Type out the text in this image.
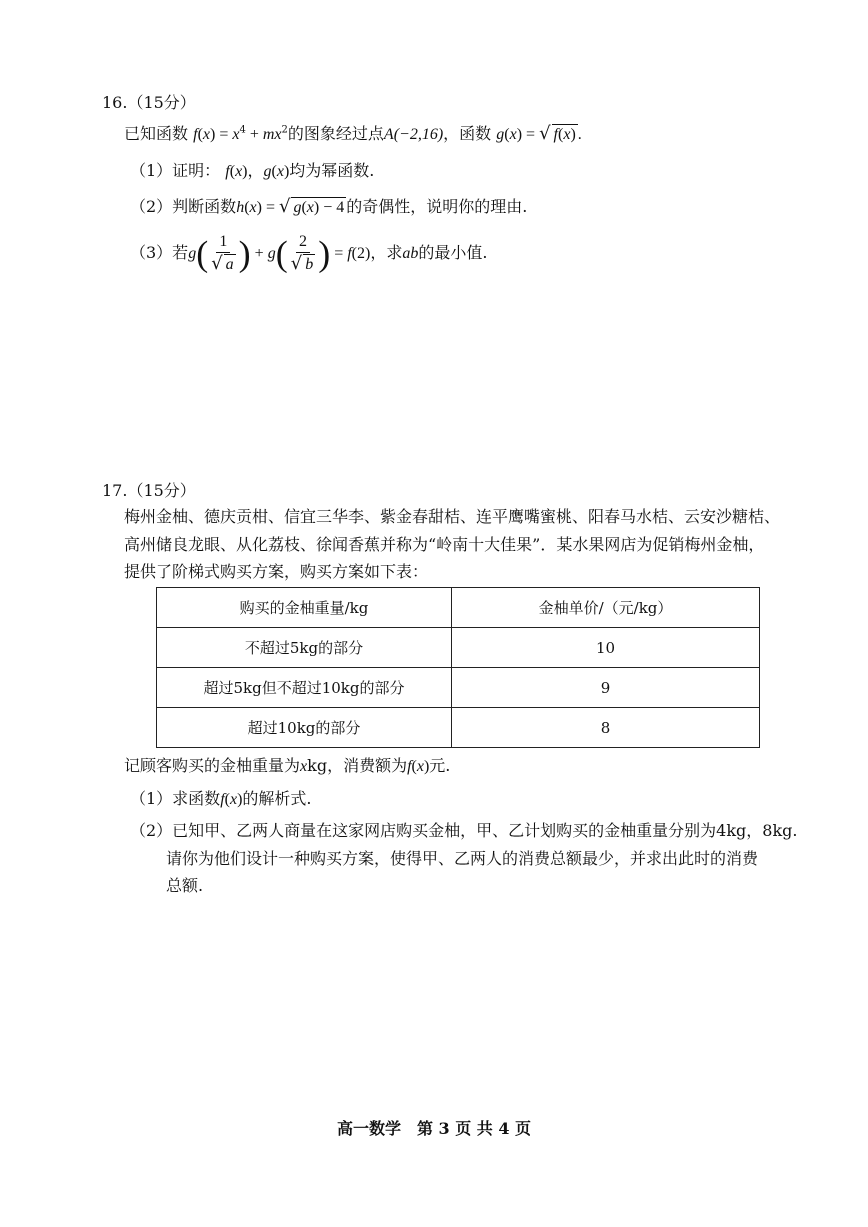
16.（15分）
已知函数 $f(x) = x^4 + mx^2$的图象经过点A(−2,16)，函数 g(x) = √ f(x) .
（1）证明： f(x)，g(x)均为幂函数.
（2）判断函数h(x) = √ g(x) − 4 的奇偶性，说明你的理由.
（3）若$g( \frac{1}{√ a}$ ) + $g( \frac{2}{√ b}$ ) = f(2)，求ab的最小值.
17.（15分）
梅州金柚、德庆贡柑、信宜三华李、紫金春甜桔、连平鹰嘴蜜桃、阳春马水桔、云安沙糖桔、
高州储良龙眼、从化荔枝、徐闻香蕉并称为“岭南十大佳果”．某水果网店为促销梅州金柚，
提供了阶梯式购买方案，购买方案如下表：
购买的金柚重量/kg	金柚单价/（元/kg）
不超过5kg的部分	10
超过5kg但不超过10kg的部分	9
超过10kg的部分	8
记顾客购买的金柚重量为xkg，消费额为f(x)元.
（1）求函数f(x)的解析式.
（2）已知甲、乙两人商量在这家网店购买金柚，甲、乙计划购买的金柚重量分别为4kg，8kg.
请你为他们设计一种购买方案，使得甲、乙两人的消费总额最少，并求出此时的消费
总额.
高一数学　第 3 页 共 4 页
